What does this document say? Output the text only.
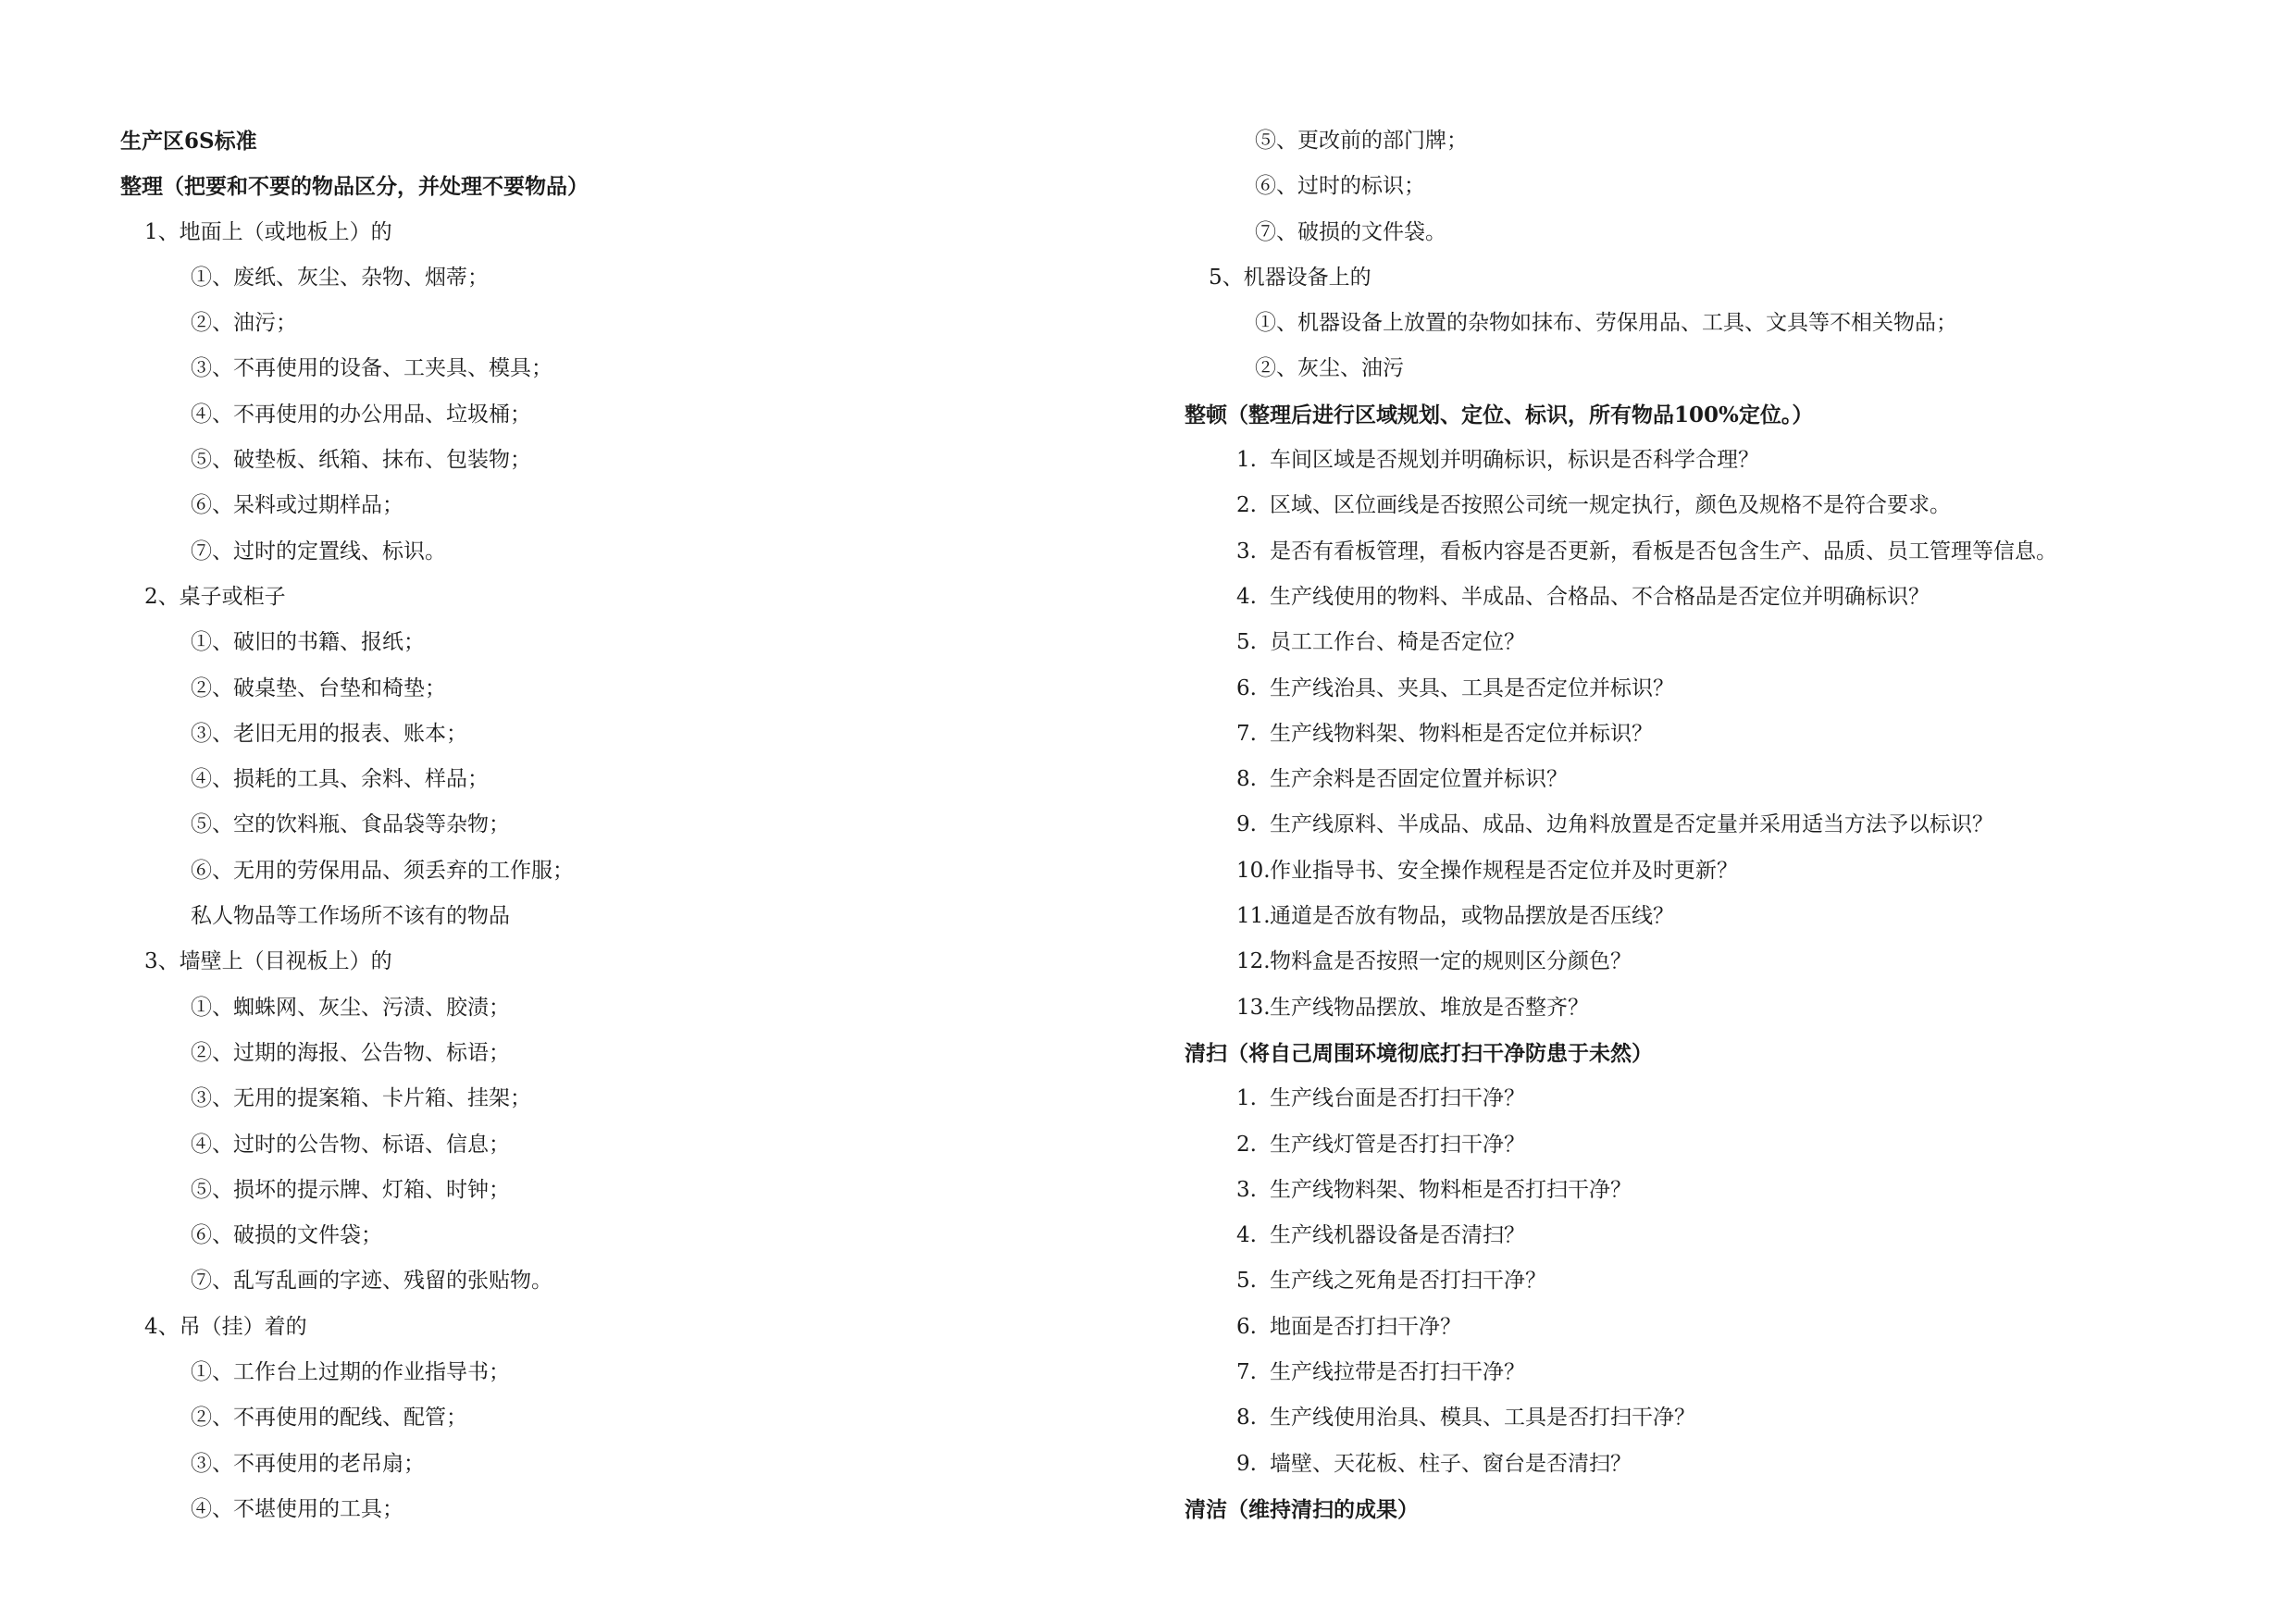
生产区6S标准
整理（把要和不要的物品区分，并处理不要物品）
1、地面上（或地板上）的
①、废纸、灰尘、杂物、烟蒂；
②、油污；
③、不再使用的设备、工夹具、模具；
④、不再使用的办公用品、垃圾桶；
⑤、破垫板、纸箱、抹布、包装物；
⑥、呆料或过期样品；
⑦、过时的定置线、标识。
2、桌子或柜子
①、破旧的书籍、报纸；
②、破桌垫、台垫和椅垫；
③、老旧无用的报表、账本；
④、损耗的工具、余料、样品；
⑤、空的饮料瓶、食品袋等杂物；
⑥、无用的劳保用品、须丢弃的工作服；
私人物品等工作场所不该有的物品
3、墙壁上（目视板上）的
①、蜘蛛网、灰尘、污渍、胶渍；
②、过期的海报、公告物、标语；
③、无用的提案箱、卡片箱、挂架；
④、过时的公告物、标语、信息；
⑤、损坏的提示牌、灯箱、时钟；
⑥、破损的文件袋；
⑦、乱写乱画的字迹、残留的张贴物。
4、吊（挂）着的
①、工作台上过期的作业指导书；
②、不再使用的配线、配管；
③、不再使用的老吊扇；
④、不堪使用的工具；
⑤、更改前的部门牌；
⑥、过时的标识；
⑦、破损的文件袋。
5、机器设备上的
①、机器设备上放置的杂物如抹布、劳保用品、工具、文具等不相关物品；
②、灰尘、油污
整顿（整理后进行区域规划、定位、标识，所有物品100%定位。）
1. 车间区域是否规划并明确标识，标识是否科学合理？
2. 区域、区位画线是否按照公司统一规定执行，颜色及规格不是符合要求。
3. 是否有看板管理，看板内容是否更新，看板是否包含生产、品质、员工管理等信息。
4. 生产线使用的物料、半成品、合格品、不合格品是否定位并明确标识？
5. 员工工作台、椅是否定位？
6. 生产线治具、夹具、工具是否定位并标识？
7. 生产线物料架、物料柜是否定位并标识？
8. 生产余料是否固定位置并标识？
9. 生产线原料、半成品、成品、边角料放置是否定量并采用适当方法予以标识？
10.作业指导书、安全操作规程是否定位并及时更新？
11.通道是否放有物品，或物品摆放是否压线？
12.物料盒是否按照一定的规则区分颜色？
13.生产线物品摆放、堆放是否整齐？
清扫（将自己周围环境彻底打扫干净防患于未然）
1. 生产线台面是否打扫干净？
2. 生产线灯管是否打扫干净？
3. 生产线物料架、物料柜是否打扫干净？
4. 生产线机器设备是否清扫？
5. 生产线之死角是否打扫干净？
6. 地面是否打扫干净？
7. 生产线拉带是否打扫干净？
8. 生产线使用治具、模具、工具是否打扫干净？
9. 墙壁、天花板、柱子、窗台是否清扫？
清洁（维持清扫的成果）
